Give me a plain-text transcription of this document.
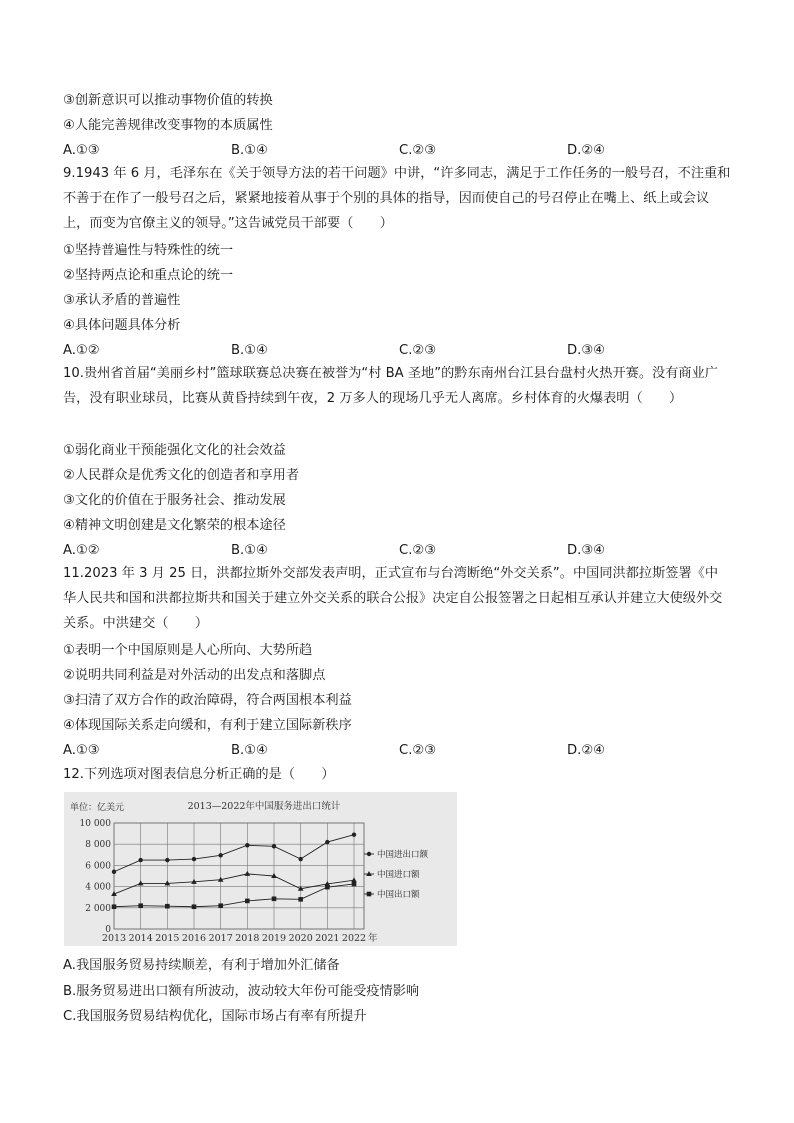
③创新意识可以推动事物价值的转换
④人能完善规律改变事物的本质属性
A.①③	B.①④	C.②③	D.②④
9.1943 年 6 月，毛泽东在《关于领导方法的若干问题》中讲，“许多同志，满足于工作任务的一般号召，不注重和不善于在作了一般号召之后，紧紧地接着从事于个别的具体的指导，因而使自己的号召停止在嘴上、纸上或会议上，而变为官僚主义的领导。”这告诫党员干部要（　　）
①坚持普遍性与特殊性的统一
②坚持两点论和重点论的统一
③承认矛盾的普遍性
④具体问题具体分析
A.①②	B.①④	C.②③	D.③④
10.贵州省首届“美丽乡村”篮球联赛总决赛在被誉为“村 BA 圣地”的黔东南州台江县台盘村火热开赛。没有商业广告，没有职业球员，比赛从黄昏持续到午夜，2 万多人的现场几乎无人离席。乡村体育的火爆表明（　　）
①弱化商业干预能强化文化的社会效益
②人民群众是优秀文化的创造者和享用者
③文化的价值在于服务社会、推动发展
④精神文明创建是文化繁荣的根本途径
A.①②	B.①④	C.②③	D.③④
11.2023 年 3 月 25 日，洪都拉斯外交部发表声明，正式宣布与台湾断绝“外交关系”。中国同洪都拉斯签署《中华人民共和国和洪都拉斯共和国关于建立外交关系的联合公报》决定自公报签署之日起相互承认并建立大使级外交关系。中洪建交（　　）
①表明一个中国原则是人心所向、大势所趋
②说明共同利益是对外活动的出发点和落脚点
③扫清了双方合作的政治障碍，符合两国根本利益
④体现国际关系走向缓和，有利于建立国际新秩序
A.①③	B.①④	C.②③	D.②④
12.下列选项对图表信息分析正确的是（　　）
单位：亿美元	2013—2022年中国服务进出口统计
0
2 000
4 000
6 000
8 000
10 000
2013 2014 2015 2016 2017 2018 2019 2020 2021 2022 年
中国进出口额
中国进口额
中国出口额
A.我国服务贸易持续顺差，有利于增加外汇储备
B.服务贸易进出口额有所波动，波动较大年份可能受疫情影响
C.我国服务贸易结构优化，国际市场占有率有所提升
